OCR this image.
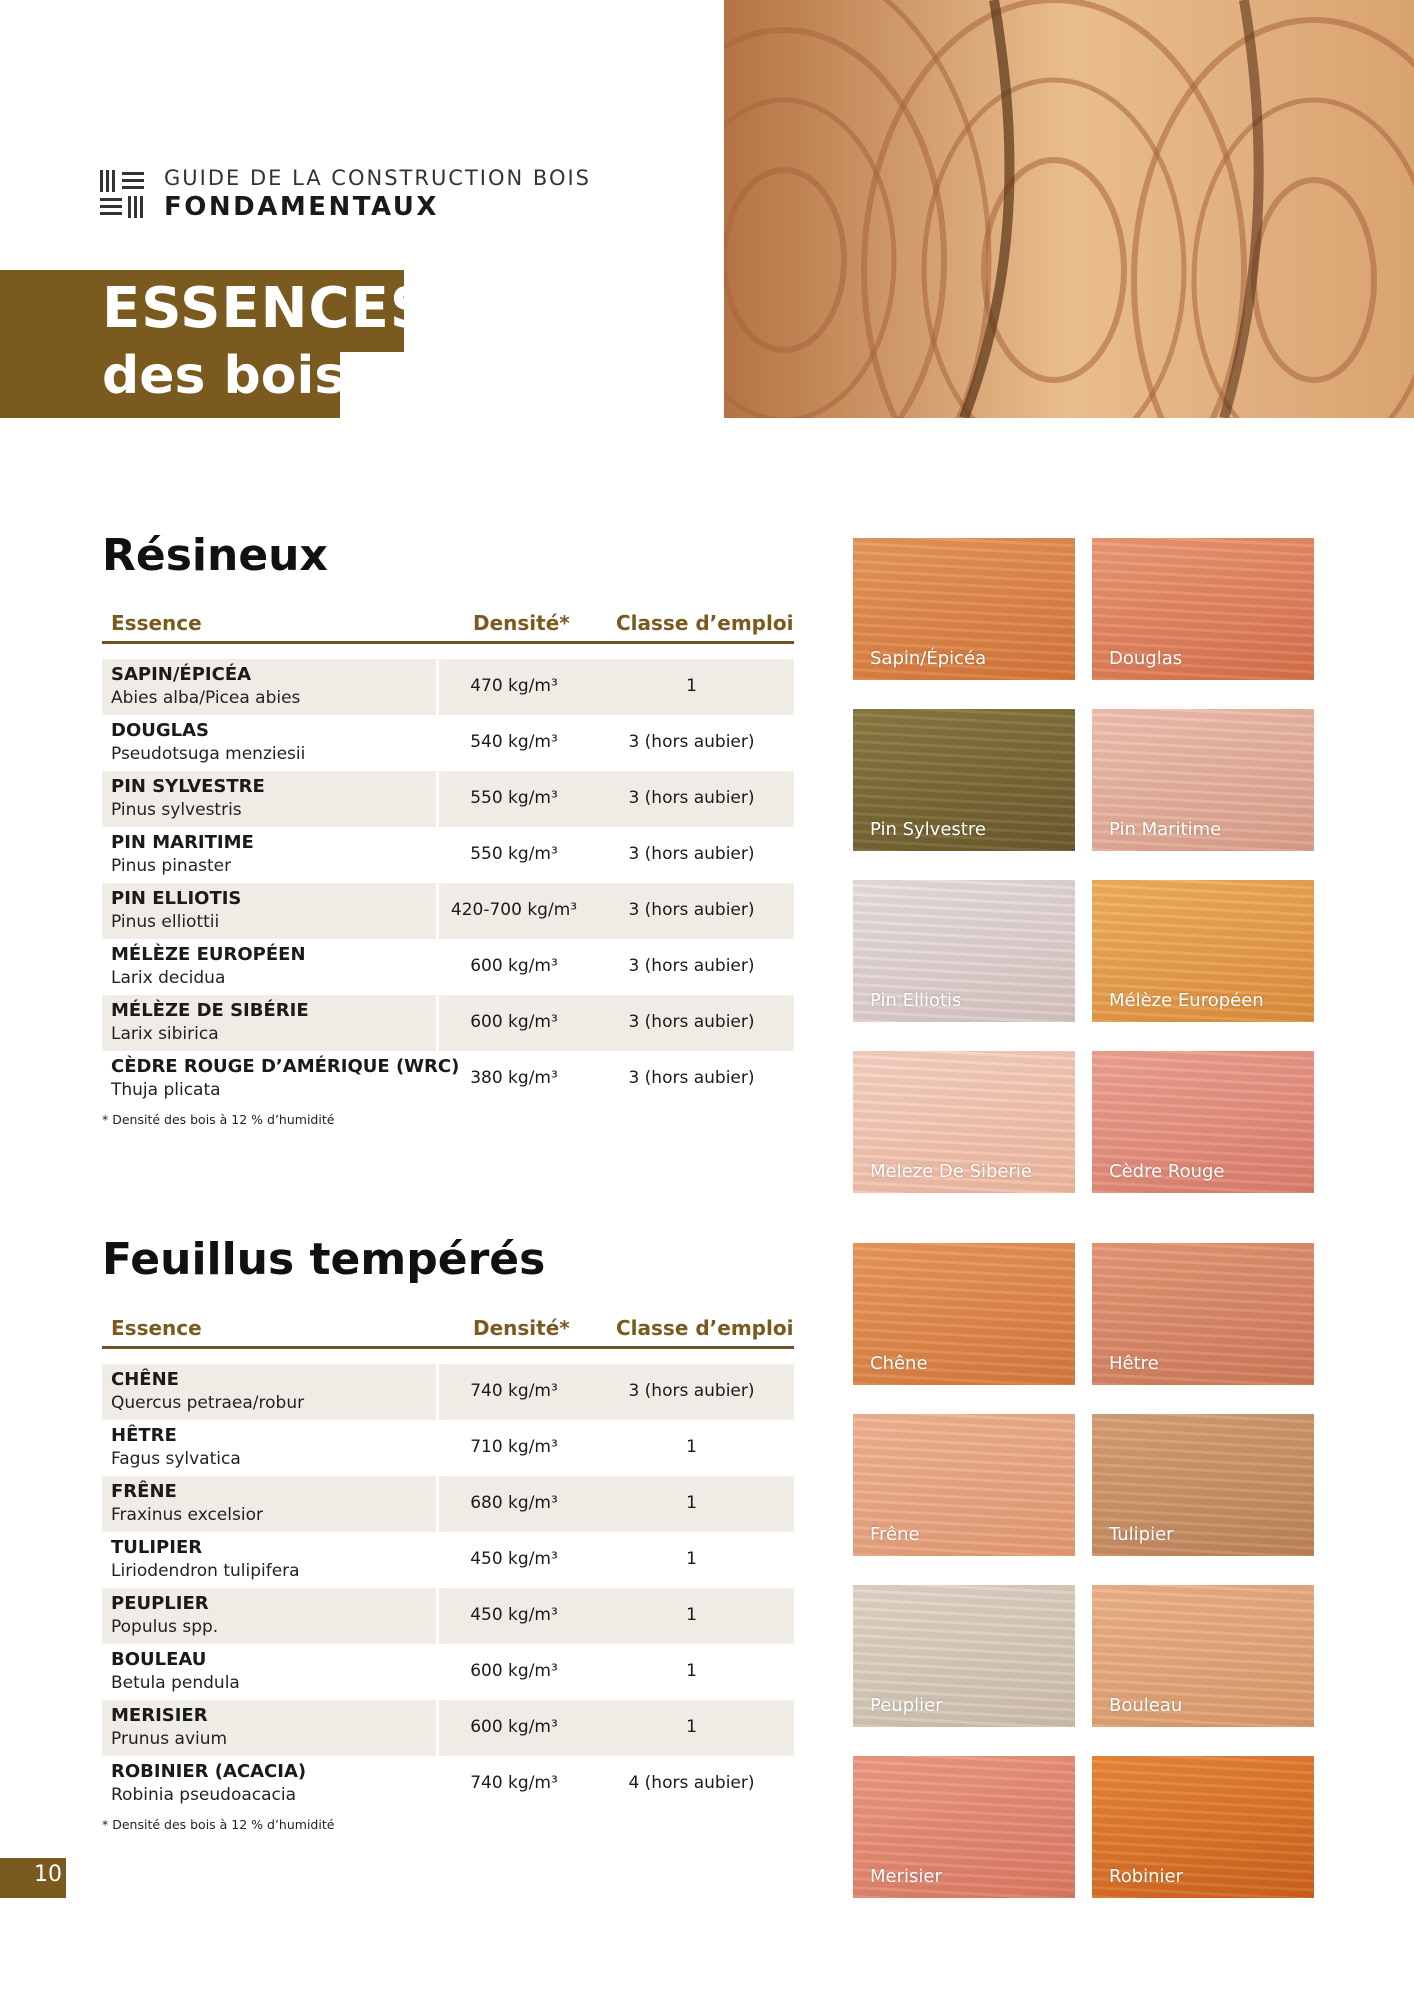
GUIDE DE LA CONSTRUCTION BOIS
FONDAMENTAUX
ESSENCES
des bois
Résineux
Essence	Densité* Classe d’emploi
SAPIN/ÉPICÉA
Abies alba/Picea abies
470 kg/m³	1
DOUGLAS
Pseudotsuga menziesii
540 kg/m³	3 (hors aubier)
PIN SYLVESTRE
Pinus sylvestris
550 kg/m³	3 (hors aubier)
PIN MARITIME
Pinus pinaster
550 kg/m³	3 (hors aubier)
PIN ELLIOTIS
Pinus elliottii
420-700 kg/m³	3 (hors aubier)
MÉLÈZE EUROPÉEN
Larix decidua
600 kg/m³	3 (hors aubier)
MÉLÈZE DE SIBÉRIE
Larix sibirica
600 kg/m³	3 (hors aubier)
CÈDRE ROUGE D’AMÉRIQUE (WRC)
Thuja plicata
380 kg/m³	3 (hors aubier)
* Densité des bois à 12 % d’humidité
Sapin/Épicéa	Douglas
Pin Sylvestre	Pin Maritime
Pin Elliotis	Mélèze Européen
Meleze De Siberie	Cèdre Rouge
Feuillus tempérés
Essence	Densité* Classe d’emploi
CHÊNE
Quercus petraea/robur
740 kg/m³	3 (hors aubier)
HÊTRE
Fagus sylvatica
710 kg/m³	1
FRÊNE
Fraxinus excelsior
680 kg/m³	1
TULIPIER
Liriodendron tulipifera
450 kg/m³	1
PEUPLIER
Populus spp.
450 kg/m³	1
BOULEAU
Betula pendula
600 kg/m³	1
MERISIER
Prunus avium
600 kg/m³	1
ROBINIER (ACACIA)
Robinia pseudoacacia
740 kg/m³	4 (hors aubier)
* Densité des bois à 12 % d’humidité
Chêne	Hêtre
Frêne	Tulipier
Peuplier	Bouleau
Merisier	Robinier
10
